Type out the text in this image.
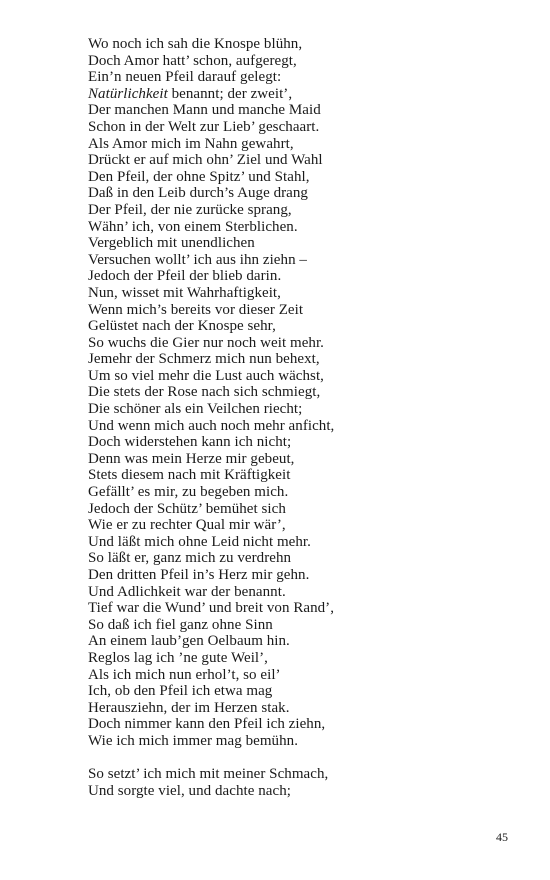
Wo noch ich sah die Knospe blühn,
Doch Amor hatt’ schon, aufgeregt,
Ein’n neuen Pfeil darauf gelegt:
Natürlichkeit benannt; der zweit’,
Der manchen Mann und manche Maid
Schon in der Welt zur Lieb’ geschaart.
Als Amor mich im Nahn gewahrt,
Drückt er auf mich ohn’ Ziel und Wahl
Den Pfeil, der ohne Spitz’ und Stahl,
Daß in den Leib durch’s Auge drang
Der Pfeil, der nie zurücke sprang,
Wähn’ ich, von einem Sterblichen.
Vergeblich mit unendlichen
Versuchen wollt’ ich aus ihn ziehn –
Jedoch der Pfeil der blieb darin.
Nun, wisset mit Wahrhaftigkeit,
Wenn mich’s bereits vor dieser Zeit
Gelüstet nach der Knospe sehr,
So wuchs die Gier nur noch weit mehr.
Jemehr der Schmerz mich nun behext,
Um so viel mehr die Lust auch wächst,
Die stets der Rose nach sich schmiegt,
Die schöner als ein Veilchen riecht;
Und wenn mich auch noch mehr anficht,
Doch widerstehen kann ich nicht;
Denn was mein Herze mir gebeut,
Stets diesem nach mit Kräftigkeit
Gefällt’ es mir, zu begeben mich.
Jedoch der Schütz’ bemühet sich
Wie er zu rechter Qual mir wär’,
Und läßt mich ohne Leid nicht mehr.
So läßt er, ganz mich zu verdrehn
Den dritten Pfeil in’s Herz mir gehn.
Und Adlichkeit war der benannt.
Tief war die Wund’ und breit von Rand’,
So daß ich fiel ganz ohne Sinn
An einem laub’gen Oelbaum hin.
Reglos lag ich ’ne gute Weil’,
Als ich mich nun erhol’t, so eil’
Ich, ob den Pfeil ich etwa mag
Herausziehn, der im Herzen stak.
Doch nimmer kann den Pfeil ich ziehn,
Wie ich mich immer mag bemühn.
So setzt’ ich mich mit meiner Schmach,
Und sorgte viel, und dachte nach;
45
